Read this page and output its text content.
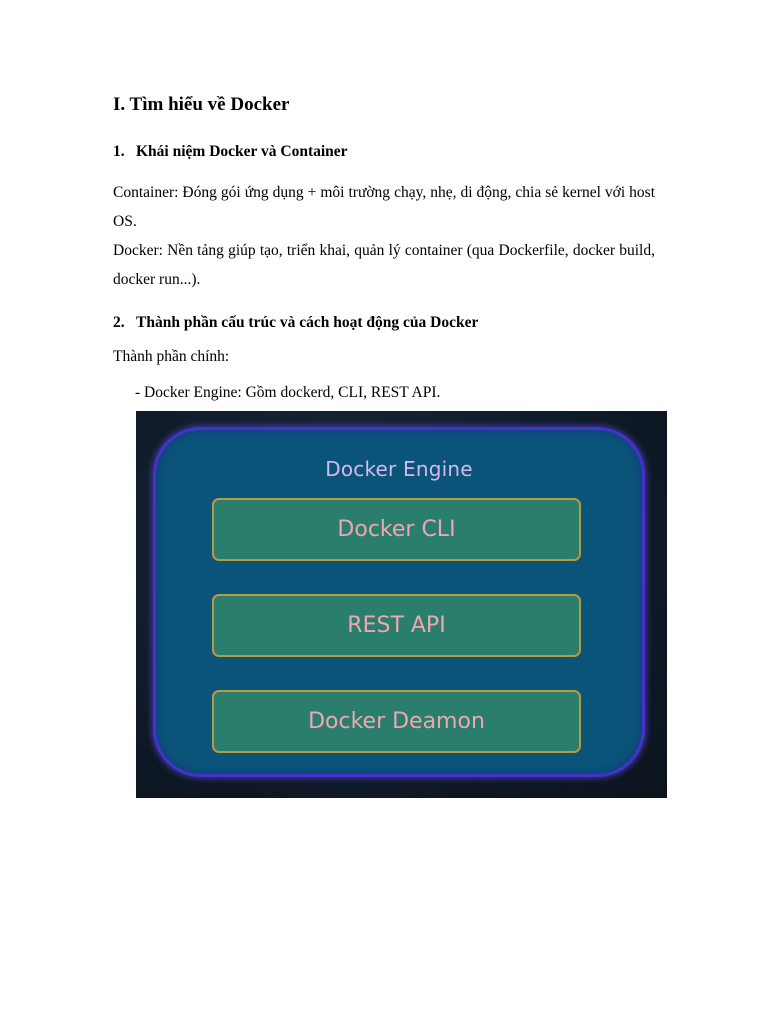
I. Tìm hiểu về Docker
1. Khái niệm Docker và Container
Container: Đóng gói ứng dụng + môi trường chạy, nhẹ, di động, chia sẻ kernel với host OS.
Docker: Nền tảng giúp tạo, triển khai, quản lý container (qua Dockerfile, docker build, docker run...).
2. Thành phần cấu trúc và cách hoạt động của Docker
Thành phần chính:
- Docker Engine: Gồm dockerd, CLI, REST API.
Docker Engine
Docker CLI
REST API
Docker Deamon
